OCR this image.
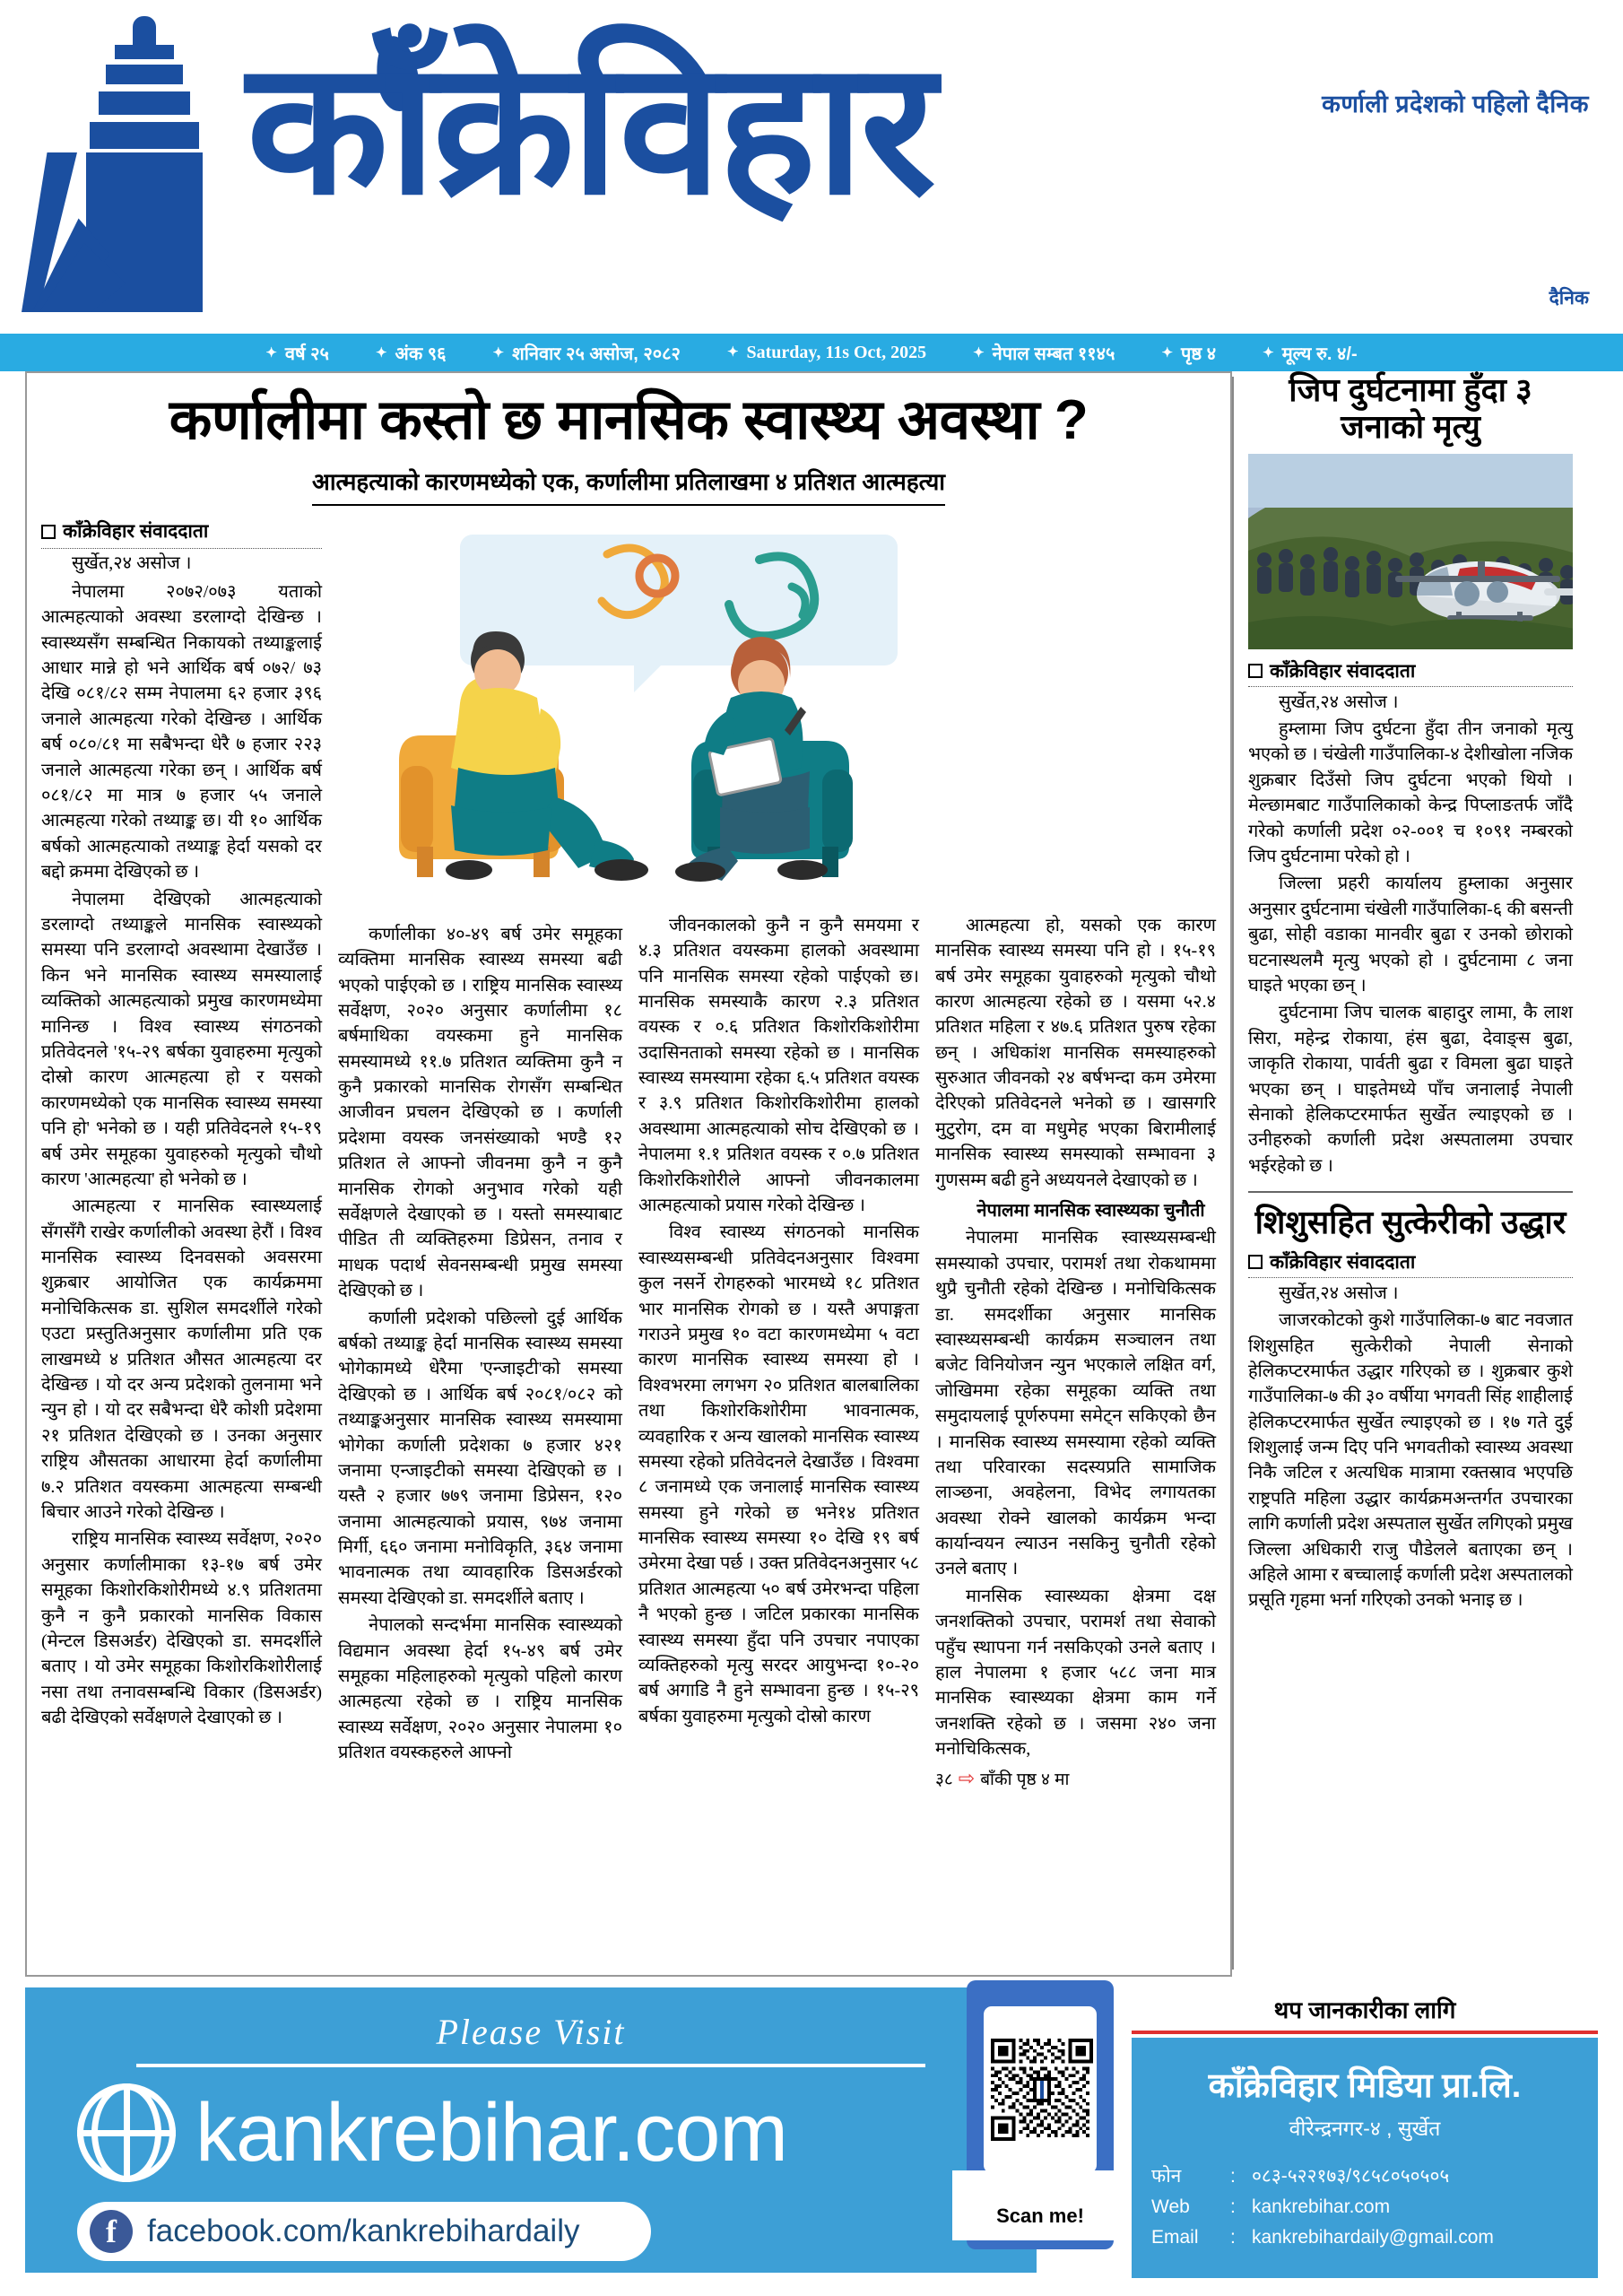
काँक्रेविहार	कर्णाली प्रदेशको पहिलो दैनिक
दैनिक
✦ वर्ष २५	✦ अंक ९६	✦ शनिवार २५ असोज, २०८२	✦ Saturday, 11s Oct, 2025	✦ नेपाल सम्बत ११४५	✦ पृष्ठ ४	✦ मूल्य रु. ४/-
कर्णालीमा कस्तो छ मानसिक स्वास्थ्य अवस्था ?
आत्महत्याको कारणमध्येको एक, कर्णालीमा प्रतिलाखमा ४ प्रतिशत आत्महत्या
काँक्रेविहार संवाददाता
सुर्खेत,२४ असोज ।

नेपालमा २०७२/०७३ यताको आत्महत्याको अवस्था डरलाग्दो देखिन्छ । स्वास्थ्यसँग सम्बन्धित निकायको तथ्याङ्कलाई आधार मान्ने हो भने आर्थिक बर्ष ०७२/ ७३ देखि ०८१/८२ सम्म नेपालमा ६२ हजार ३९६ जनाले आत्महत्या गरेको देखिन्छ । आर्थिक बर्ष ०८०/८१ मा सबैभन्दा धेरै ७ हजार २२३ जनाले आत्महत्या गरेका छन् । आर्थिक बर्ष ०८१/८२ मा मात्र ७ हजार ५५ जनाले आत्महत्या गरेको तथ्याङ्क छ। यी १० आर्थिक बर्षको आत्महत्याको तथ्याङ्क हेर्दा यसको दर बद्दो क्रममा देखिएको छ ।

नेपालमा देखिएको आत्महत्याको डरलाग्दो तथ्याङ्कले मानसिक स्वास्थ्यको समस्या पनि डरलाग्दो अवस्थामा देखाउँछ । किन भने मानसिक स्वास्थ्य समस्यालाई व्यक्तिको आत्महत्याको प्रमुख कारणमध्येमा मानिन्छ । विश्व स्वास्थ्य संगठनको प्रतिवेदनले '१५-२९ बर्षका युवाहरुमा मृत्युको दोस्रो कारण आत्महत्या हो र यसको कारणमध्येको एक मानसिक स्वास्थ्य समस्या पनि हो' भनेको छ । यही प्रतिवेदनले १५-१९ बर्ष उमेर समूहका युवाहरुको मृत्युको चौथो कारण 'आत्महत्या' हो भनेको छ ।

आत्महत्या र मानसिक स्वास्थ्यलाई सँगसँगै राखेर कर्णालीको अवस्था हेरौं । विश्व मानसिक स्वास्थ्य दिनवसको अवसरमा शुक्रबार आयोजित एक कार्यक्रममा मनोचिकित्सक डा. सुशिल समदर्शीले गरेको एउटा प्रस्तुतिअनुसार कर्णालीमा प्रति एक लाखमध्ये ४ प्रतिशत औसत आत्महत्या दर देखिन्छ । यो दर अन्य प्रदेशको तुलनामा भने न्युन हो । यो दर सबैभन्दा धेरै कोशी प्रदेशमा २१ प्रतिशत देखिएको छ । उनका अनुसार राष्ट्रिय औसतका आधारमा हेर्दा कर्णालीमा ७.२ प्रतिशत वयस्कमा आत्महत्या सम्बन्धी बिचार आउने गरेको देखिन्छ ।

राष्ट्रिय मानसिक स्वास्थ्य सर्वेक्षण, २०२० अनुसार कर्णालीमाका १३-१७ बर्ष उमेर समूहका किशोरकिशोरीमध्ये ४.९ प्रतिशतमा कुनै न कुनै प्रकारको मानसिक विकास (मेन्टल डिसअर्डर) देखिएको डा. समदर्शीले बताए । यो उमेर समूहका किशोरकिशोरीलाई नसा तथा तनावसम्बन्धि विकार (डिसअर्डर) बढी देखिएको सर्वेक्षणले देखाएको छ ।

कर्णालीका ४०-४९ बर्ष उमेर समूहका व्यक्तिमा मानसिक स्वास्थ्य समस्या बढी भएको पाईएको छ । राष्ट्रिय मानसिक स्वास्थ्य सर्वेक्षण, २०२० अनुसार कर्णालीमा १८ बर्षमाथिका वयस्कमा हुने मानसिक समस्यामध्ये ११.७ प्रतिशत व्यक्तिमा कुनै न कुनै प्रकारको मानसिक रोगसँग सम्बन्धित आजीवन प्रचलन देखिएको छ । कर्णाली प्रदेशमा वयस्क जनसंख्याको भण्डै १२ प्रतिशत ले आफ्नो जीवनमा कुनै न कुनै मानसिक रोगको अनुभाव गरेको यही सर्वेक्षणले देखाएको छ । यस्तो समस्याबाट पीडित ती व्यक्तिहरुमा डिप्रेसन, तनाव र माधक पदार्थ सेवनसम्बन्धी प्रमुख समस्या देखिएको छ ।

कर्णाली प्रदेशको पछिल्लो दुई आर्थिक बर्षको तथ्याङ्क हेर्दा मानसिक स्वास्थ्य समस्या भोगेकामध्ये धेरैमा 'एन्जाइटी'को समस्या देखिएको छ । आर्थिक बर्ष २०८१/०८२ को तथ्याङ्कअनुसार मानसिक स्वास्थ्य समस्यामा भोगेका कर्णाली प्रदेशका ७ हजार ४२१ जनामा एन्जाइटीको समस्या देखिएको छ । यस्तै २ हजार ७७९ जनामा डिप्रेसन, १२० जनामा आत्महत्याको प्रयास, ९७४ जनामा मिर्गी, ६६० जनामा मनोविकृति, ३६४ जनामा भावनात्मक तथा व्यावहारिक डिसअर्डरको समस्या देखिएको डा. समदर्शीले बताए ।

नेपालको सन्दर्भमा मानसिक स्वास्थ्यको विद्यमान अवस्था हेर्दा १५-४९ बर्ष उमेर समूहका महिलाहरुको मृत्युको पहिलो कारण आत्महत्या रहेको छ । राष्ट्रिय मानसिक स्वास्थ्य सर्वेक्षण, २०२० अनुसार नेपालमा १० प्रतिशत वयस्कहरुले आफ्नो

जीवनकालको कुनै न कुनै समयमा र ४.३ प्रतिशत वयस्कमा हालको अवस्थामा पनि मानसिक समस्या रहेको पाईएको छ। मानसिक समस्याकै कारण २.३ प्रतिशत वयस्क र ०.६ प्रतिशत किशोरकिशोरीमा उदासिनताको समस्या रहेको छ । मानसिक स्वास्थ्य समस्यामा रहेका ६.५ प्रतिशत वयस्क र ३.९ प्रतिशत किशोरकिशोरीमा हालको अवस्थामा आत्महत्याको सोच देखिएको छ । नेपालमा १.१ प्रतिशत वयस्क र ०.७ प्रतिशत किशोरकिशोरीले आफ्नो जीवनकालमा आत्महत्याको प्रयास गरेको देखिन्छ ।

विश्व स्वास्थ्य संगठनको मानसिक स्वास्थ्यसम्बन्धी प्रतिवेदनअनुसार विश्वमा कुल नसर्ने रोगहरुको भारमध्ये १८ प्रतिशत भार मानसिक रोगको छ । यस्तै अपाङ्गता गराउने प्रमुख १० वटा कारणमध्येमा ५ वटा कारण मानसिक स्वास्थ्य समस्या हो । विश्वभरमा लगभग २० प्रतिशत बालबालिका तथा किशोरकिशोरीमा भावनात्मक, व्यवहारिक र अन्य खालको मानसिक स्वास्थ्य समस्या रहेको प्रतिवेदनले देखाउँछ । विश्वमा ८ जनामध्ये एक जनालाई मानसिक स्वास्थ्य समस्या हुने गरेको छ भने१४ प्रतिशत मानसिक स्वास्थ्य समस्या १० देखि १९ बर्ष उमेरमा देखा पर्छ । उक्त प्रतिवेदनअनुसार ५८ प्रतिशत आत्महत्या ५० बर्ष उमेरभन्दा पहिला नै भएको हुन्छ । जटिल प्रकारका मानसिक स्वास्थ्य समस्या हुँदा पनि उपचार नपाएका व्यक्तिहरुको मृत्यु सरदर आयुभन्दा १०-२० बर्ष अगाडि नै हुने सम्भावना हुन्छ । १५-२९ बर्षका युवाहरुमा मृत्युको दोस्रो कारण

आत्महत्या हो, यसको एक कारण मानसिक स्वास्थ्य समस्या पनि हो । १५-१९ बर्ष उमेर समूहका युवाहरुको मृत्युको चौथो कारण आत्महत्या रहेको छ । यसमा ५२.४ प्रतिशत महिला र ४७.६ प्रतिशत पुरुष रहेका छन् । अधिकांश मानसिक समस्याहरुको सुरुआत जीवनको २४ बर्षभन्दा कम उमेरमा देरिएको प्रतिवेदनले भनेको छ । खासगरि मुटुरोग, दम वा मधुमेह भएका बिरामीलाई मानसिक स्वास्थ्य समस्याको सम्भावना ३ गुणसम्म बढी हुने अध्ययनले देखाएको छ ।

नेपालमा मानसिक स्वास्थ्यका चुनौती

नेपालमा मानसिक स्वास्थ्यसम्बन्धी समस्याको उपचार, परामर्श तथा रोकथाममा थुप्रै चुनौती रहेको देखिन्छ । मनोचिकित्सक डा. समदर्शीका अनुसार मानसिक स्वास्थ्यसम्बन्धी कार्यक्रम सञ्चालन तथा बजेट विनियोजन न्युन भएकाले लक्षित वर्ग, जोखिममा रहेका समूहका व्यक्ति तथा समुदायलाई पूर्णरुपमा समेट्न सकिएको छैन । मानसिक स्वास्थ्य समस्यामा रहेको व्यक्ति तथा परिवारका सदस्यप्रति सामाजिक लाञ्छना, अवहेलना, विभेद लगायतका अवस्था रोक्ने खालको कार्यक्रम भन्दा कार्यान्वयन ल्याउन नसकिनु चुनौती रहेको उनले बताए ।

मानसिक स्वास्थ्यका क्षेत्रमा दक्ष जनशक्तिको उपचार, परामर्श तथा सेवाको पहुँच स्थापना गर्न नसकिएको उनले बताए । हाल नेपालमा १ हजार ५८८ जना मात्र मानसिक स्वास्थ्यका क्षेत्रमा काम गर्ने जनशक्ति रहेको छ । जसमा २४० जना मनोचिकित्सक,

३८ ⇨ बाँकी पृष्ठ ४ मा

जिप दुर्घटनामा हुँदा ३ जनाको मृत्यु
काँक्रेविहार संवाददाता
सुर्खेत,२४ असोज ।

हुम्लामा जिप दुर्घटना हुँदा तीन जनाको मृत्यु भएको छ । चंखेली गाउँपालिका-४ देशीखोला नजिक शुक्रबार दिउँसो जिप दुर्घटना भएको थियो । मेल्छामबाट गाउँपालिकाको केन्द्र पिप्लाङतर्फ जाँदै गरेको कर्णाली प्रदेश ०२-००१ च १०९१ नम्बरको जिप दुर्घटनामा परेको हो ।

जिल्ला प्रहरी कार्यालय हुम्लाका अनुसार अनुसार दुर्घटनामा चंखेली गाउँपालिका-६ की बसन्ती बुढा, सोही वडाका मानवीर बुढा र उनको छोराको घटनास्थलमै मृत्यु भएको हो । दुर्घटनामा ८ जना घाइते भएका छन् ।

दुर्घटनामा जिप चालक बाहादुर लामा, कै लाश सिरा, महेन्द्र रोकाया, हंस बुढा, देवाङ्स बुढा, जाकृति रोकाया, पार्वती बुढा र विमला बुढा घाइते भएका छन् । घाइतेमध्ये पाँच जनालाई नेपाली सेनाको हेलिकप्टरमार्फत सुर्खेत ल्याइएको छ । उनीहरुको कर्णाली प्रदेश अस्पतालमा उपचार भईरहेको छ ।

शिशुसहित सुत्केरीको उद्धार
काँक्रेविहार संवाददाता
सुर्खेत,२४ असोज ।

जाजरकोटको कुशे गाउँपालिका-७ बाट नवजात शिशुसहित सुत्केरीको नेपाली सेनाको हेलिकप्टरमार्फत उद्धार गरिएको छ । शुक्रबार कुशे गाउँपालिका-७ की ३० वर्षीया भगवती सिंह शाहीलाई हेलिकप्टरमार्फत सुर्खेत ल्याइएको छ । १७ गते दुई शिशुलाई जन्म दिए पनि भगवतीको स्वास्थ्य अवस्था निकै जटिल र अत्यधिक मात्रामा रक्तस्राव भएपछि राष्ट्रपति महिला उद्धार कार्यक्रमअन्तर्गत उपचारका लागि कर्णाली प्रदेश अस्पताल सुर्खेत लगिएको प्रमुख जिल्ला अधिकारी राजु पौडेलले बताएका छन् । अहिले आमा र बच्चालाई कर्णाली प्रदेश अस्पतालको प्रसूति गृहमा भर्ना गरिएको उनको भनाइ छ ।

Please Visit
kankrebihar.com
f facebook.com/kankrebihardaily	Scan me!
थप जानकारीका लागि
काँक्रेविहार मिडिया प्रा.लि.
वीरेन्द्रनगर-४ , सुर्खेत
फोन	: ०८३-५२२१७३/९८५८०५०५०५
Web	: kankrebihar.com
Email	: kankrebihardaily@gmail.com
